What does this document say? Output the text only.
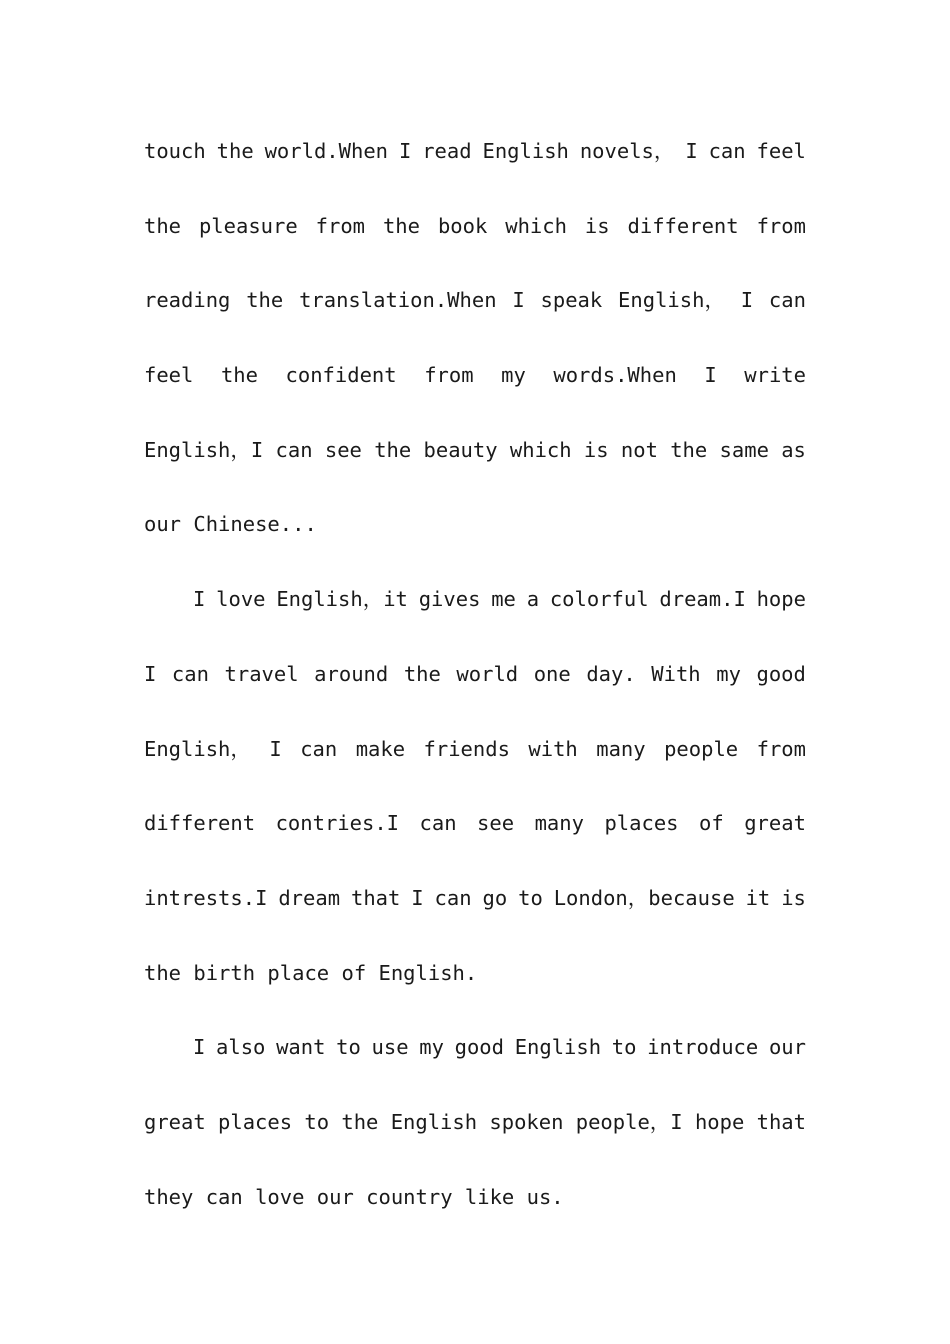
touch the world.When I read English novels， I can feel
the pleasure from the book which is different from
reading the translation.When I speak English， I can
feel the confident from my words.When I write
English，I can see the beauty which is not the same as
our Chinese...
I love English，it gives me a colorful dream.I hope
I can travel around the world one day. With my good
English， I can make friends with many people from
different contries.I can see many places of great
intrests.I dream that I can go to London，because it is
the birth place of English.
I also want to use my good English to introduce our
great places to the English spoken people，I hope that
they can love our country like us.
